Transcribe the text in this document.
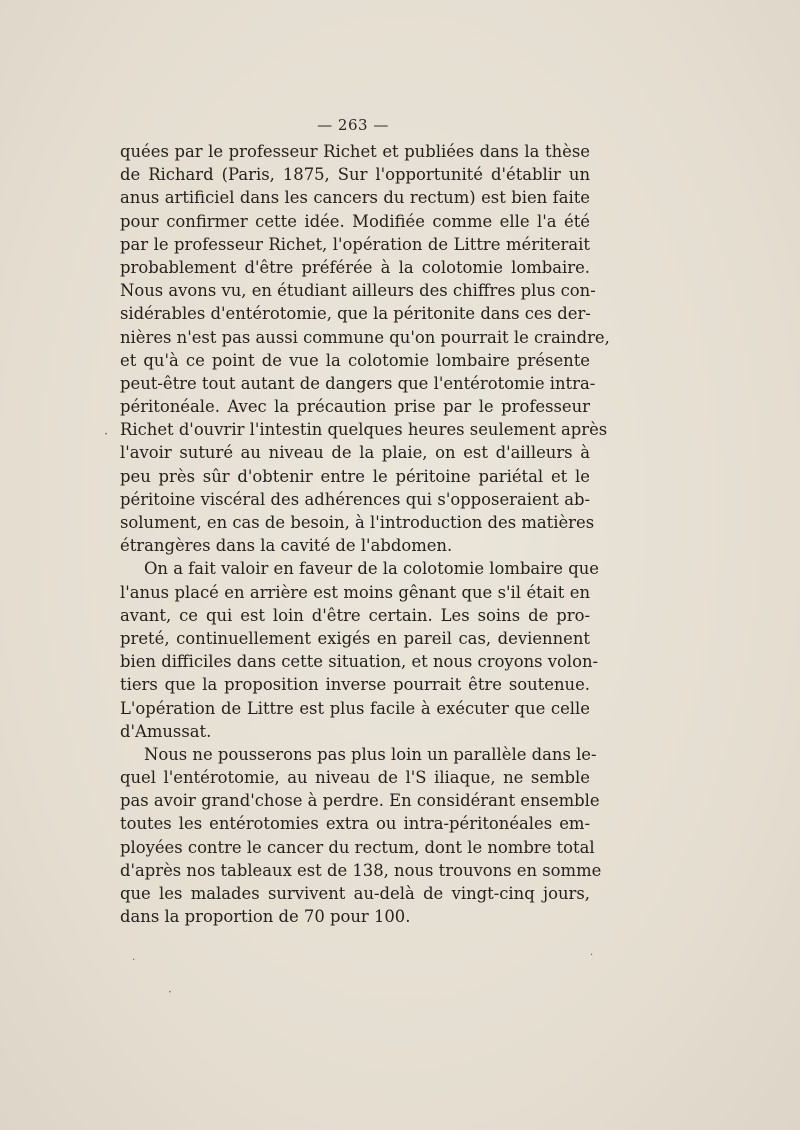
— 263 —
quées par le professeur Richet et publiées dans la thèse
de Richard (Paris, 1875, Sur l'opportunité d'établir un
anus artificiel dans les cancers du rectum) est bien faite
pour confirmer cette idée. Modifiée comme elle l'a été
par le professeur Richet, l'opération de Littre mériterait
probablement d'être préférée à la colotomie lombaire.
Nous avons vu, en étudiant ailleurs des chiffres plus con-
sidérables d'entérotomie, que la péritonite dans ces der-
nières n'est pas aussi commune qu'on pourrait le craindre,
et qu'à ce point de vue la colotomie lombaire présente
peut-être tout autant de dangers que l'entérotomie intra-
péritonéale. Avec la précaution prise par le professeur
Richet d'ouvrir l'intestin quelques heures seulement après
l'avoir suturé au niveau de la plaie, on est d'ailleurs à
peu près sûr d'obtenir entre le péritoine pariétal et le
péritoine viscéral des adhérences qui s'opposeraient ab-
solument, en cas de besoin, à l'introduction des matières
étrangères dans la cavité de l'abdomen.
On a fait valoir en faveur de la colotomie lombaire que
l'anus placé en arrière est moins gênant que s'il était en
avant, ce qui est loin d'être certain. Les soins de pro-
preté, continuellement exigés en pareil cas, deviennent
bien difficiles dans cette situation, et nous croyons volon-
tiers que la proposition inverse pourrait être soutenue.
L'opération de Littre est plus facile à exécuter que celle
d'Amussat.
Nous ne pousserons pas plus loin un parallèle dans le-
quel l'entérotomie, au niveau de l'S iliaque, ne semble
pas avoir grand'chose à perdre. En considérant ensemble
toutes les entérotomies extra ou intra-péritonéales em-
ployées contre le cancer du rectum, dont le nombre total
d'après nos tableaux est de 138, nous trouvons en somme
que les malades survivent au-delà de vingt-cinq jours,
dans la proportion de 70 pour 100.
·
·
·
·
